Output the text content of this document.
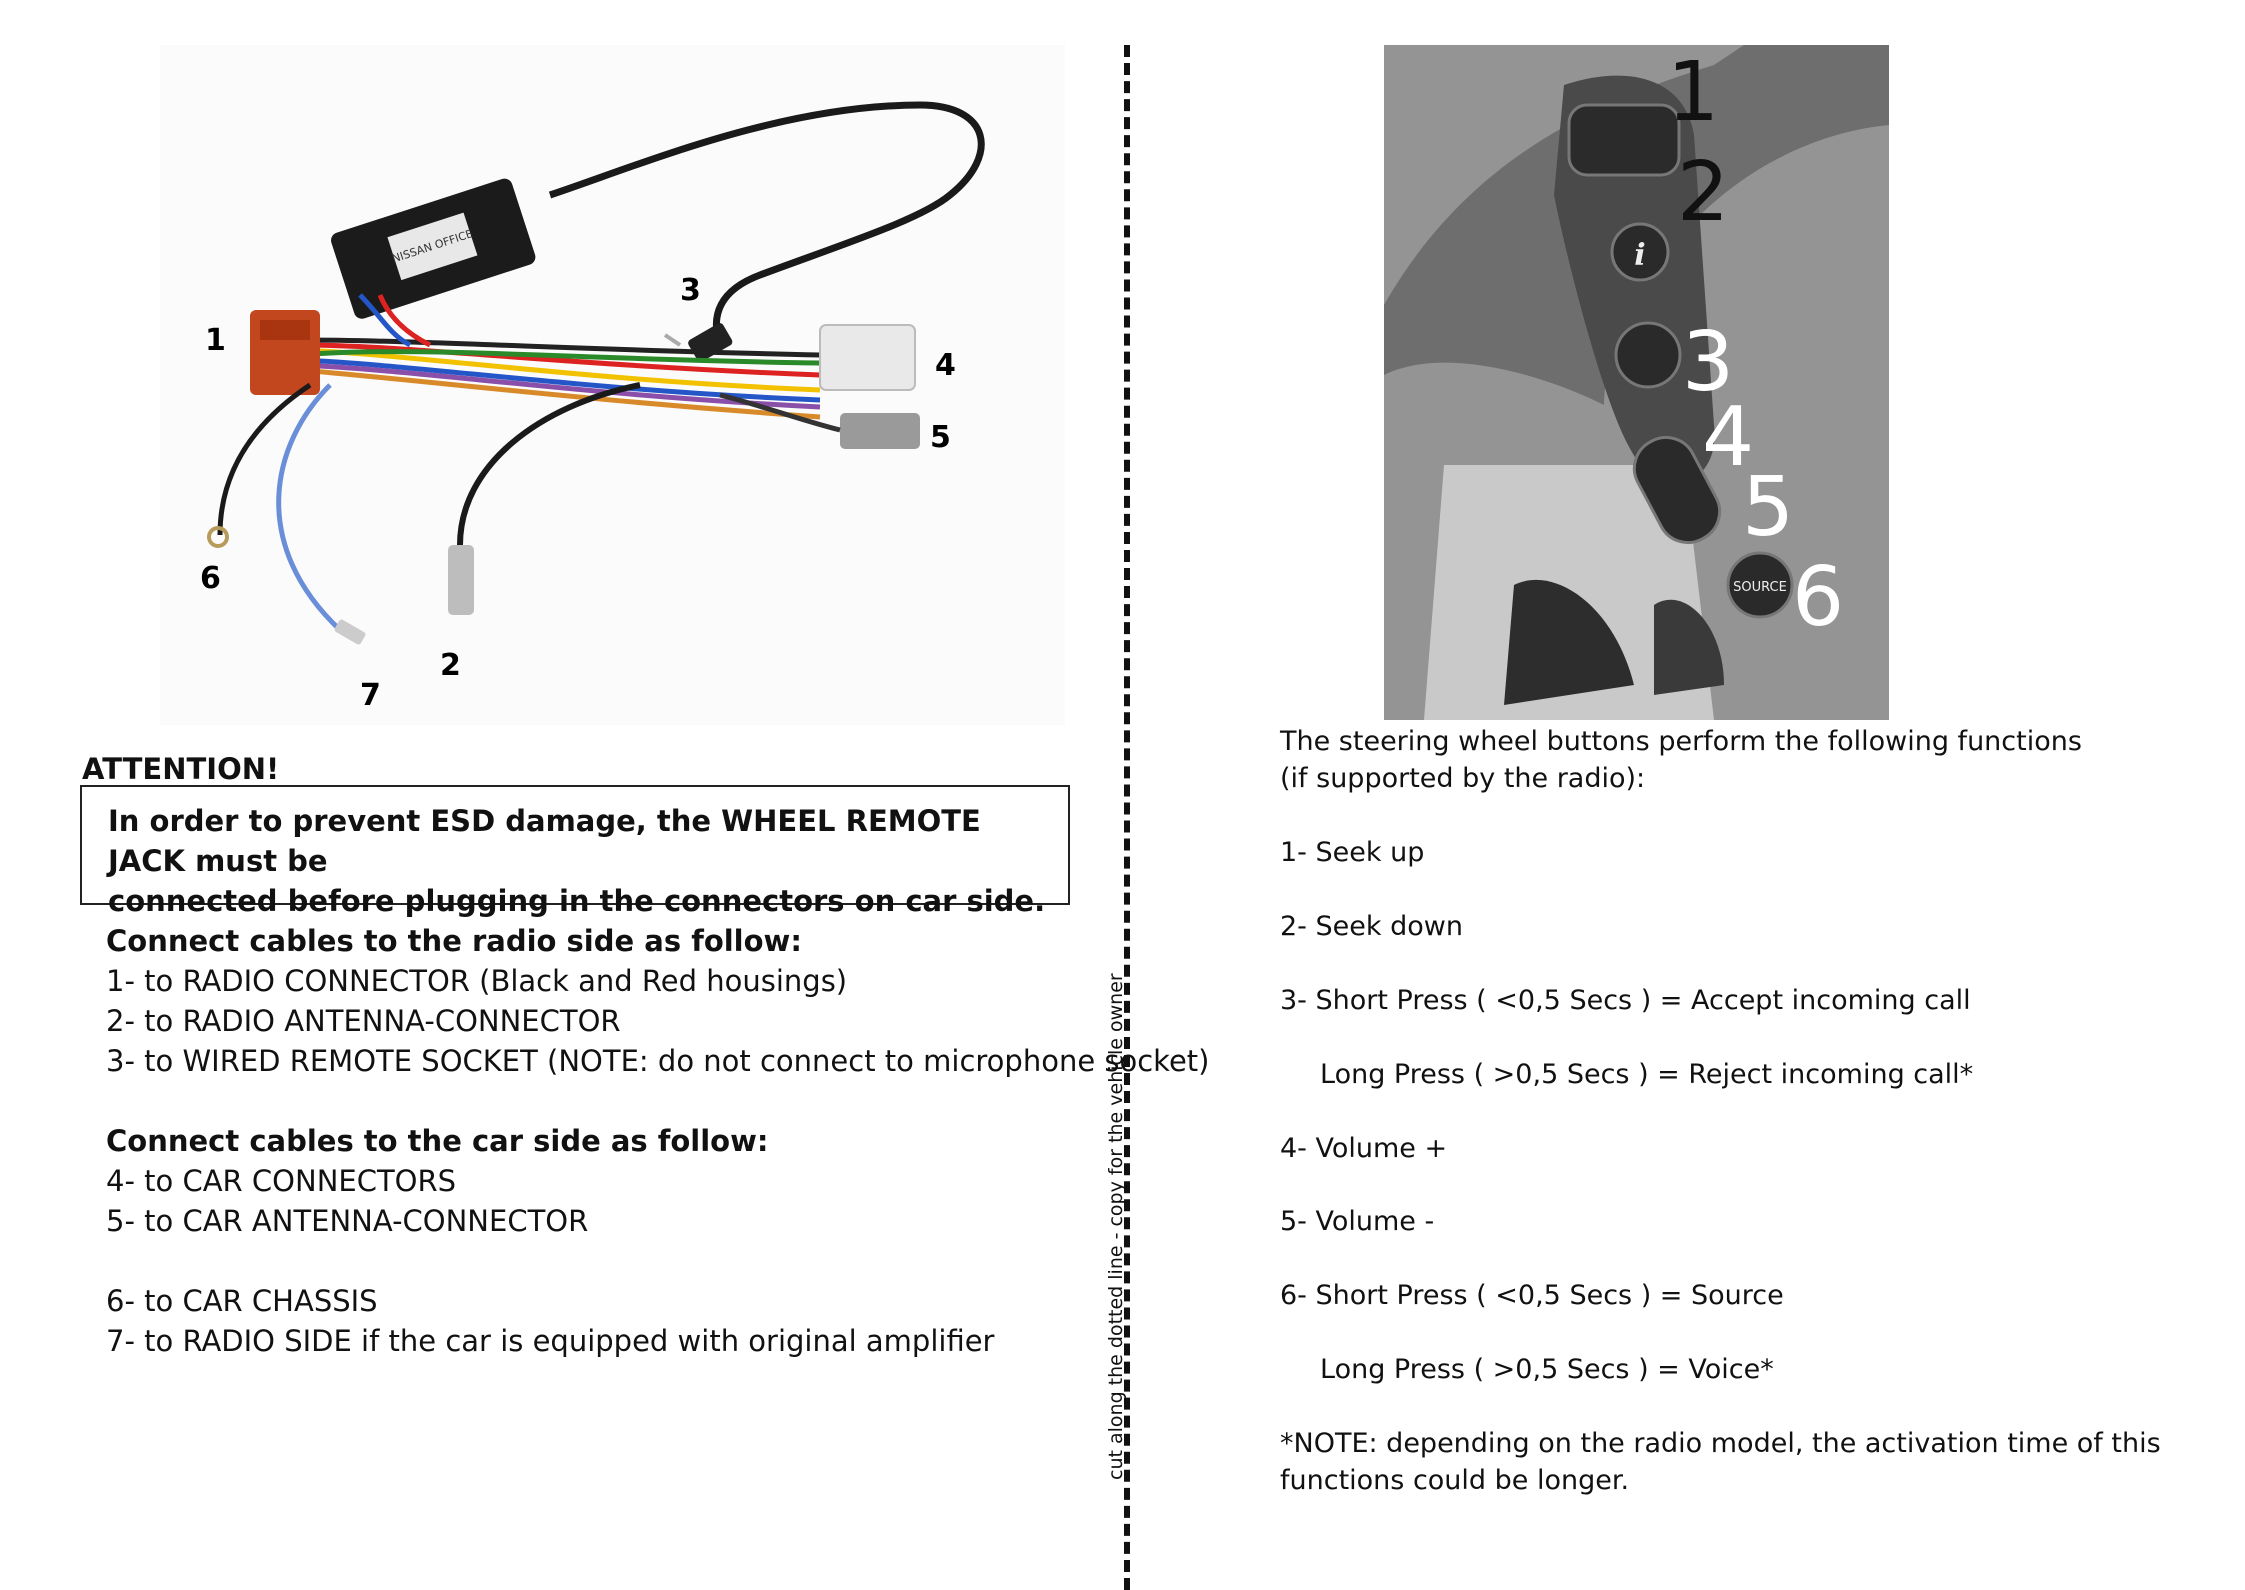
NISSAN OFFICE
1
2
3
4
5
6
7
i
SOURCE
1
2
3
4
5
6
cut along the dotted line - copy for the vehicle owner
ATTENTION!
In order to prevent ESD damage, the WHEEL REMOTE JACK must be
connected before plugging in the connectors on car side.
Connect cables to the radio side as follow:
1- to RADIO CONNECTOR (Black and Red housings)
2- to RADIO ANTENNA-CONNECTOR
3- to WIRED REMOTE SOCKET (NOTE: do not connect to microphone socket)
Connect cables to the car side as follow:
4- to CAR CONNECTORS
5- to CAR ANTENNA-CONNECTOR
6- to CAR CHASSIS
7- to RADIO SIDE if the car is equipped with original amplifier
The steering wheel buttons perform the following functions
(if supported by the radio):
1- Seek up
2- Seek down
3- Short Press ( <0,5 Secs ) = Accept incoming call
Long Press ( >0,5 Secs ) = Reject incoming call*
4- Volume +
5- Volume -
6- Short Press ( <0,5 Secs ) = Source
Long Press ( >0,5 Secs ) = Voice*
*NOTE: depending on the radio model, the activation time of this
functions could be longer.
